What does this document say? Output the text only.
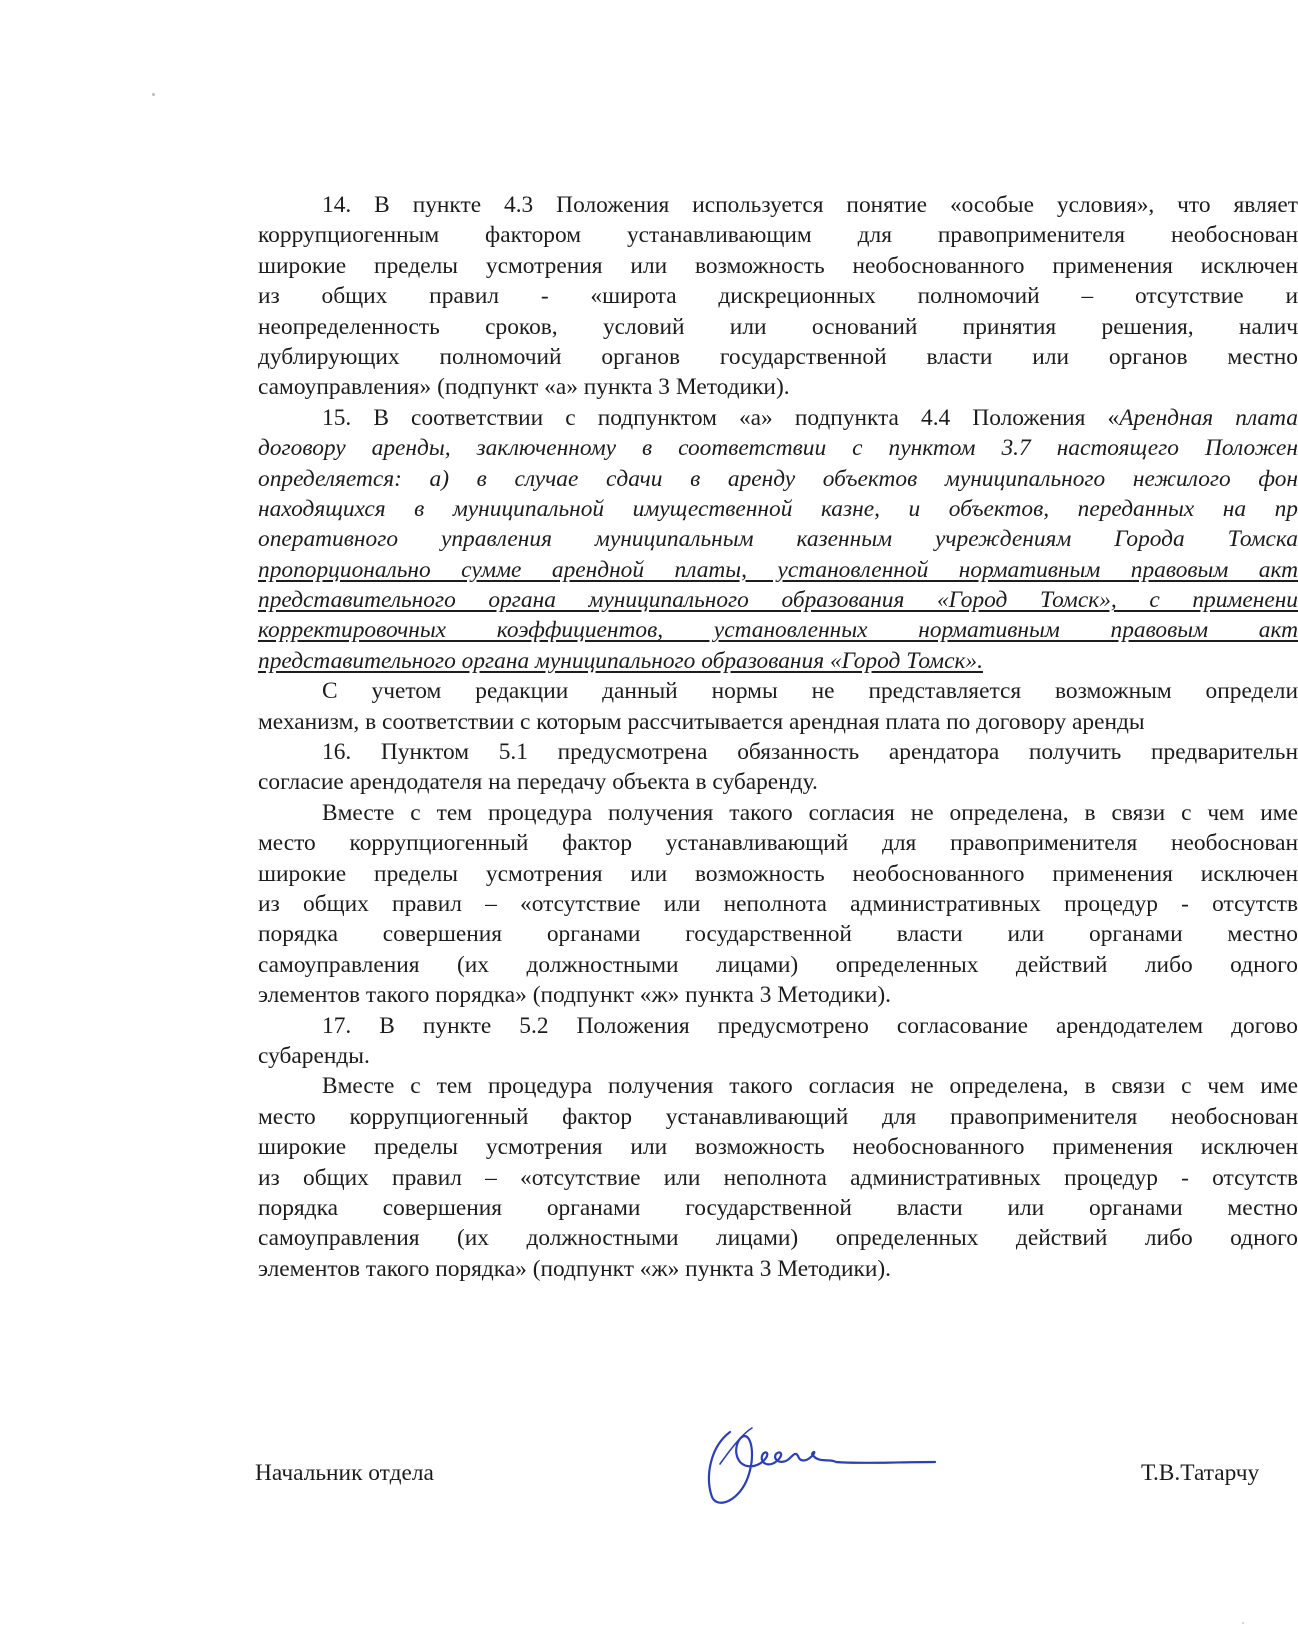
14. В пункте 4.3 Положения используется понятие «особые условия», что являет
коррупциогенным фактором устанавливающим для правоприменителя необоснован
широкие пределы усмотрения или возможность необоснованного применения исключен
из общих правил - «широта дискреционных полномочий – отсутствие и
неопределенность сроков, условий или оснований принятия решения, налич
дублирующих полномочий органов государственной власти или органов местно
самоуправления» (подпункт «а» пункта 3 Методики).
15. В соответствии с подпунктом «а» подпункта 4.4 Положения «Арендная плата
договору аренды, заключенному в соответствии с пунктом 3.7 настоящего Положен
определяется: а) в случае сдачи в аренду объектов муниципального нежилого фон
находящихся в муниципальной имущественной казне, и объектов, переданных на пр
оперативного управления муниципальным казенным учреждениям Города Томска
пропорционально сумме арендной платы, установленной нормативным правовым акт
представительного органа муниципального образования «Город Томск», с применени
корректировочных коэффициентов, установленных нормативным правовым акт
представительного органа муниципального образования «Город Томск».
С учетом редакции данный нормы не представляется возможным определи
механизм, в соответствии с которым рассчитывается арендная плата по договору аренды
16. Пунктом 5.1 предусмотрена обязанность арендатора получить предварительн
согласие арендодателя на передачу объекта в субаренду.
Вместе с тем процедура получения такого согласия не определена, в связи с чем име
место коррупциогенный фактор устанавливающий для правоприменителя необоснован
широкие пределы усмотрения или возможность необоснованного применения исключен
из общих правил – «отсутствие или неполнота административных процедур - отсутств
порядка совершения органами государственной власти или органами местно
самоуправления (их должностными лицами) определенных действий либо одного
элементов такого порядка» (подпункт «ж» пункта 3 Методики).
17. В пункте 5.2 Положения предусмотрено согласование арендодателем догово
субаренды.
Вместе с тем процедура получения такого согласия не определена, в связи с чем име
место коррупциогенный фактор устанавливающий для правоприменителя необоснован
широкие пределы усмотрения или возможность необоснованного применения исключен
из общих правил – «отсутствие или неполнота административных процедур - отсутств
порядка совершения органами государственной власти или органами местно
самоуправления (их должностными лицами) определенных действий либо одного
элементов такого порядка» (подпункт «ж» пункта 3 Методики).
Начальник отдела	Т.В.Татарчу
